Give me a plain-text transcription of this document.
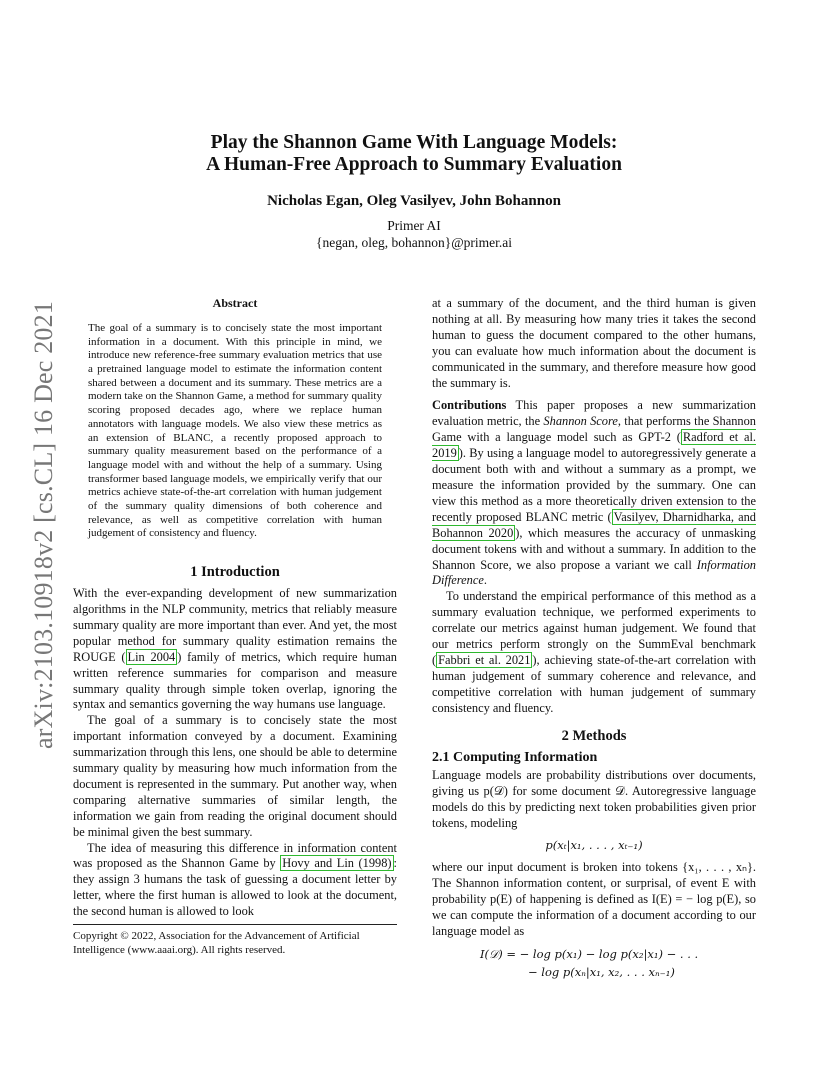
arXiv:2103.10918v2 [cs.CL] 16 Dec 2021
Play the Shannon Game With Language Models:
A Human-Free Approach to Summary Evaluation
Nicholas Egan, Oleg Vasilyev, John Bohannon
Primer AI
{negan, oleg, bohannon}@primer.ai
Abstract

The goal of a summary is to concisely state the most important information in a document. With this principle in mind, we introduce new reference-free summary evaluation metrics that use a pretrained language model to estimate the information content shared between a document and its summary. These metrics are a modern take on the Shannon Game, a method for summary quality scoring proposed decades ago, where we replace human annotators with language models. We also view these metrics as an extension of BLANC, a recently proposed approach to summary quality measurement based on the performance of a language model with and without the help of a summary. Using transformer based language models, we empirically verify that our metrics achieve state-of-the-art correlation with human judgement of the summary quality dimensions of both coherence and relevance, as well as competitive correlation with human judgement of consistency and fluency.

1 Introduction

With the ever-expanding development of new summarization algorithms in the NLP community, metrics that reliably measure summary quality are more important than ever. And yet, the most popular method for summary quality estimation remains the ROUGE ( Lin 2004 ) family of metrics, which require human written reference summaries for comparison and measure summary quality through simple token overlap, ignoring the syntax and semantics governing the way humans use language.

The goal of a summary is to concisely state the most important information conveyed by a document. Examining summarization through this lens, one should be able to determine summary quality by measuring how much information from the document is represented in the summary. Put another way, when comparing alternative summaries of similar length, the information we gain from reading the original document should be minimal given the best summary.

The idea of measuring this difference in information content was proposed as the Shannon Game by Hovy and Lin (1998) : they assign 3 humans the task of guessing a document letter by letter, where the first human is allowed to look at the document, the second human is allowed to look

Copyright © 2022, Association for the Advancement of Artificial Intelligence (www.aaai.org). All rights reserved.

at a summary of the document, and the third human is given nothing at all. By measuring how many tries it takes the second human to guess the document compared to the other humans, you can evaluate how much information about the document is communicated in the summary, and therefore measure how good the summary is.

Contributions This paper proposes a new summarization evaluation metric, the Shannon Score, that performs the Shannon Game with a language model such as GPT-2 ( Radford et al. 2019 ). By using a language model to autoregressively generate a document both with and without a summary as a prompt, we measure the information provided by the summary. One can view this method as a more theoretically driven extension to the recently proposed BLANC metric ( Vasilyev, Dharnidharka, and Bohannon 2020 ), which measures the accuracy of unmasking document tokens with and without a summary. In addition to the Shannon Score, we also propose a variant we call Information Difference.

To understand the empirical performance of this method as a summary evaluation technique, we performed experiments to correlate our metrics against human judgement. We found that our metrics perform strongly on the SummEval benchmark ( Fabbri et al. 2021 ), achieving state-of-the-art correlation with human judgement of summary coherence and relevance, and competitive correlation with human judgement of summary consistency and fluency.

2 Methods
2.1 Computing Information

Language models are probability distributions over documents, giving us p(𝒟) for some document 𝒟. Autoregressive language models do this by predicting next token probabilities given prior tokens, modeling

p(xₜ|x₁, . . . , xₜ₋₁)

where our input document is broken into tokens {x₁, . . . , xₙ}. The Shannon information content, or surprisal, of event E with probability p(E) of happening is defined as I(E) = − log p(E), so we can compute the information of a document according to our language model as

I(𝒟) = − log p(x₁) − log p(x₂|x₁) − . . .
− log p(xₙ|x₁, x₂, . . . xₙ₋₁)
